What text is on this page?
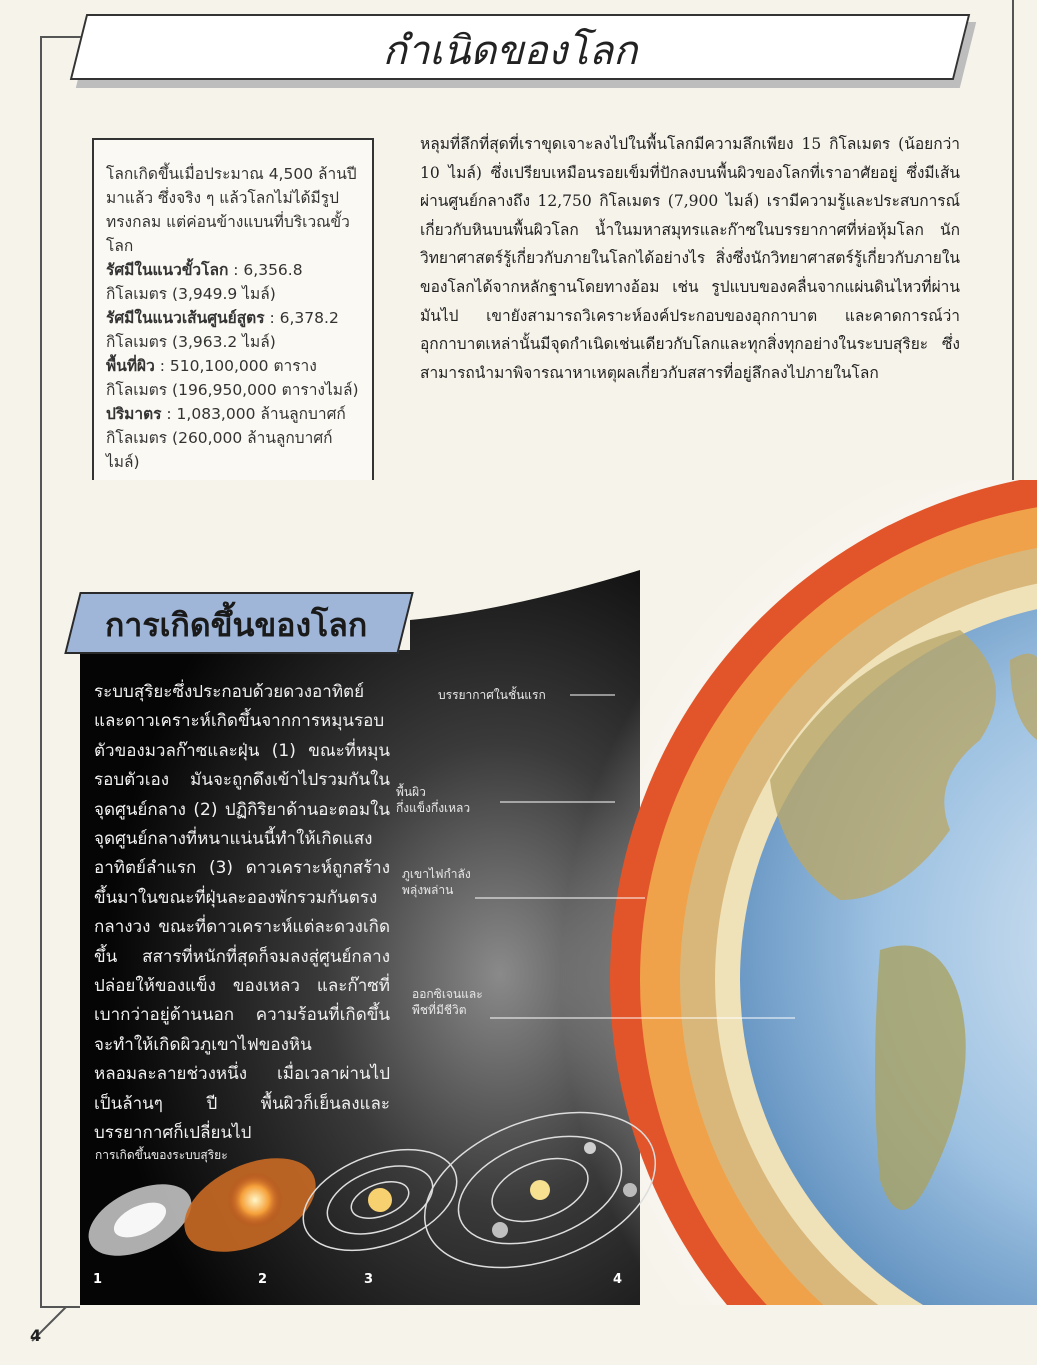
กำเนิดของโลก

โลกเกิดขึ้นเมื่อประมาณ 4,500 ล้านปีมาแล้ว ซึ่งจริง ๆ แล้วโลกไม่ได้มีรูปทรงกลม แต่ค่อนข้างแบนที่บริเวณขั้วโลก

รัศมีในแนวขั้วโลก : 6,356.8 กิโลเมตร (3,949.9 ไมล์)

รัศมีในแนวเส้นศูนย์สูตร : 6,378.2 กิโลเมตร (3,963.2 ไมล์)

พื้นที่ผิว : 510,100,000 ตารางกิโลเมตร (196,950,000 ตารางไมล์)

ปริมาตร : 1,083,000 ล้านลูกบาศก์กิโลเมตร (260,000 ล้านลูกบาศก์ไมล์)

หลุมที่ลึกที่สุดที่เราขุดเจาะลงไปในพื้นโลกมีความลึกเพียง 15 กิโลเมตร (น้อยกว่า 10 ไมล์) ซึ่งเปรียบเหมือนรอยเข็มที่ปักลงบนพื้นผิวของโลกที่เราอาศัยอยู่ ซึ่งมีเส้นผ่านศูนย์กลางถึง 12,750 กิโลเมตร (7,900 ไมล์) เรามีความรู้และประสบการณ์เกี่ยวกับหินบนพื้นผิวโลก น้ำในมหาสมุทรและก๊าซในบรรยากาศที่ห่อหุ้มโลก นักวิทยาศาสตร์รู้เกี่ยวกับภายในโลกได้อย่างไร สิ่งซึ่งนักวิทยาศาสตร์รู้เกี่ยวกับภายในของโลกได้จากหลักฐานโดยทางอ้อม เช่น รูปแบบของคลื่นจากแผ่นดินไหวที่ผ่านมันไป เขายังสามารถวิเคราะห์องค์ประกอบของอุกกาบาต และคาดการณ์ว่าอุกกาบาตเหล่านั้นมีจุดกำเนิดเช่นเดียวกับโลกและทุกสิ่งทุกอย่างในระบบสุริยะ ซึ่งสามารถนำมาพิจารณาหาเหตุผลเกี่ยวกับสสารที่อยู่ลึกลงไปภายในโลก
การเกิดขึ้นของโลก
ระบบสุริยะซึ่งประกอบด้วยดวงอาทิตย์และดาวเคราะห์เกิดขึ้นจากการหมุนรอบตัวของมวลก๊าซและฝุ่น (1) ขณะที่หมุนรอบตัวเอง มันจะถูกดึงเข้าไปรวมกันในจุดศูนย์กลาง (2) ปฏิกิริยาด้านอะตอมในจุดศูนย์กลางที่หนาแน่นนี้ทำให้เกิดแสงอาทิตย์ลำแรก (3) ดาวเคราะห์ถูกสร้างขึ้นมาในขณะที่ฝุ่นละอองพักรวมกันตรงกลางวง ขณะที่ดาวเคราะห์แต่ละดวงเกิดขึ้น สสารที่หนักที่สุดก็จมลงสู่ศูนย์กลาง ปล่อยให้ของแข็ง ของเหลว และก๊าซที่เบากว่าอยู่ด้านนอก ความร้อนที่เกิดขึ้นจะทำให้เกิดผิวภูเขาไฟของหินหลอมละลายช่วงหนึ่ง เมื่อเวลาผ่านไปเป็นล้านๆ ปี พื้นผิวก็เย็นลงและบรรยากาศก็เปลี่ยนไป
การเกิดขึ้นของระบบสุริยะ
บรรยากาศในชั้นแรก
พื้นผิว
กึ่งแข็งกึ่งเหลว
ภูเขาไฟกำลัง
พลุ่งพล่าน
ออกซิเจนและ
พืชที่มีชีวิต
1	2	3	4
4
